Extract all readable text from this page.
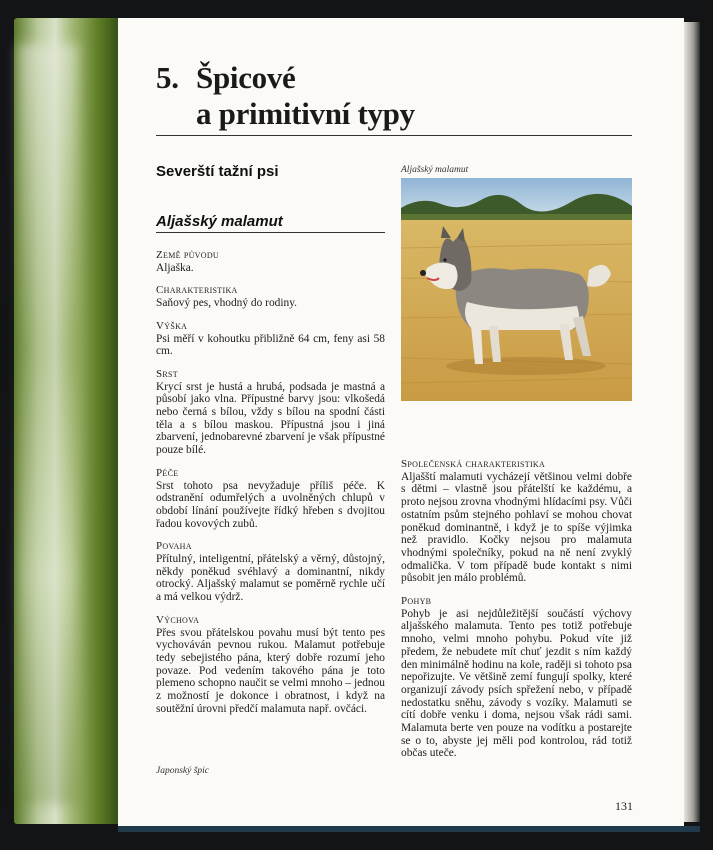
5. Špicové
a primitivní typy
Severští tažní psi	Aljašský malamut
Aljašský malamut
Země původu
Aljaška.
Charakteristika
Saňový pes, vhodný do rodiny.
Výška
Psi měří v kohoutku přibližně 64 cm, feny asi 58 cm.
Srst
Krycí srst je hustá a hrubá, podsada je mastná a působí jako vlna. Přípustné barvy jsou: vlkošedá nebo černá s bílou, vždy s bílou na spodní části těla a s bílou maskou. Přípustná jsou i jiná zbarvení, jednobarevné zbarvení je však přípustné pouze bílé.
Péče
Srst tohoto psa nevyžaduje příliš péče. K odstranění odumřelých a uvolněných chlupů v období línání používejte řídký hřeben s dvojitou řadou kovových zubů.
Povaha
Přítulný, inteligentní, přátelský a věrný, důstojný, někdy poněkud svéhlavý a dominantní, nikdy otrocký. Aljašský malamut se poměrně rychle učí a má velkou výdrž.
Výchova
Přes svou přátelskou povahu musí být tento pes vychováván pevnou rukou. Malamut potřebuje tedy sebejistého pána, který dobře rozumí jeho povaze. Pod vedením takového pána je toto plemeno schopno naučit se velmi mnoho – jednou z možností je dokonce i obratnost, i když na soutěžní úrovni předčí malamuta např. ovčáci.
Společenská charakteristika
Aljašští malamuti vycházejí většinou velmi dobře s dětmi – vlastně jsou přátelští ke každému, a proto nejsou zrovna vhodnými hlídacími psy. Vůči ostatním psům stejného pohlaví se mohou chovat poněkud dominantně, i když je to spíše výjimka než pravidlo. Kočky nejsou pro malamuta vhodnými společníky, pokud na ně není zvyklý odmalička. V tom případě bude kontakt s nimi působit jen málo problémů.
Pohyb
Pohyb je asi nejdůležitější součástí výchovy aljašského malamuta. Tento pes totiž potřebuje mnoho, velmi mnoho pohybu. Pokud víte již předem, že nebudete mít chuť jezdit s ním každý den minimálně hodinu na kole, raději si tohoto psa nepořizujte. Ve většině zemí fungují spolky, které organizují závody psích spřežení nebo, v případě nedostatku sněhu, závody s vozíky. Malamuti se cítí dobře venku i doma, nejsou však rádi sami. Malamuta berte ven pouze na vodítku a postarejte se o to, abyste jej měli pod kontrolou, rád totiž občas uteče.
Japonský špic
131
